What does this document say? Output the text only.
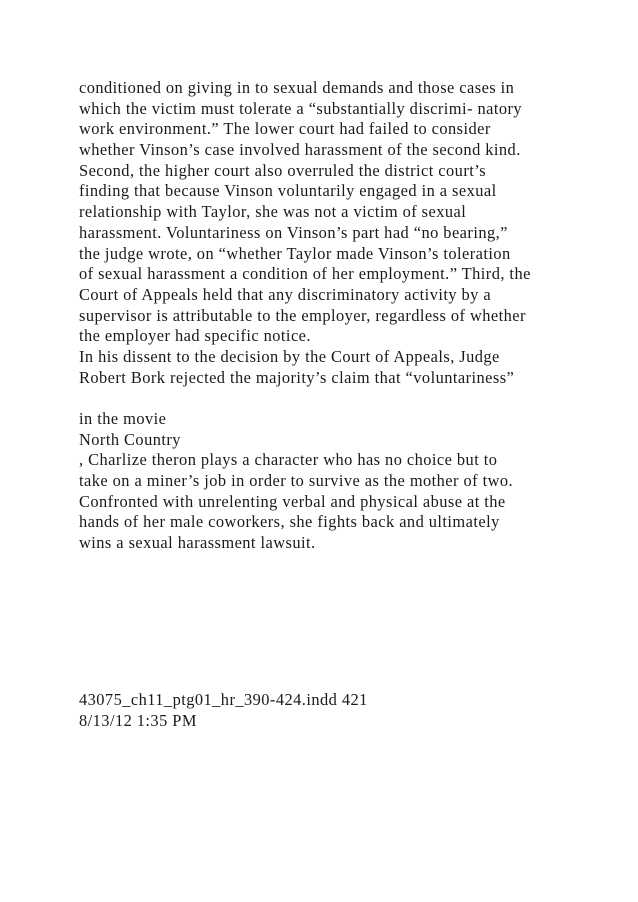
conditioned on giving in to sexual demands and those cases in
which the victim must tolerate a “substantially discrimi- natory
work environment.” The lower court had failed to consider
whether Vinson’s case involved harassment of the second kind.
Second, the higher court also overruled the district court’s
finding that because Vinson voluntarily engaged in a sexual
relationship with Taylor, she was not a victim of sexual
harassment. Voluntariness on Vinson’s part had “no bearing,”
the judge wrote, on “whether Taylor made Vinson’s toleration
of sexual harassment a condition of her employment.” Third, the
Court of Appeals held that any discriminatory activity by a
supervisor is attributable to the employer, regardless of whether
the employer had specific notice.
In his dissent to the decision by the Court of Appeals, Judge
Robert Bork rejected the majority’s claim that “voluntariness”
in the movie
North Country
, Charlize theron plays a character who has no choice but to
take on a miner’s job in order to survive as the mother of two.
Confronted with unrelenting verbal and physical abuse at the
hands of her male coworkers, she fights back and ultimately
wins a sexual harassment lawsuit.
43075_ch11_ptg01_hr_390-424.indd 421
8/13/12 1:35 PM
